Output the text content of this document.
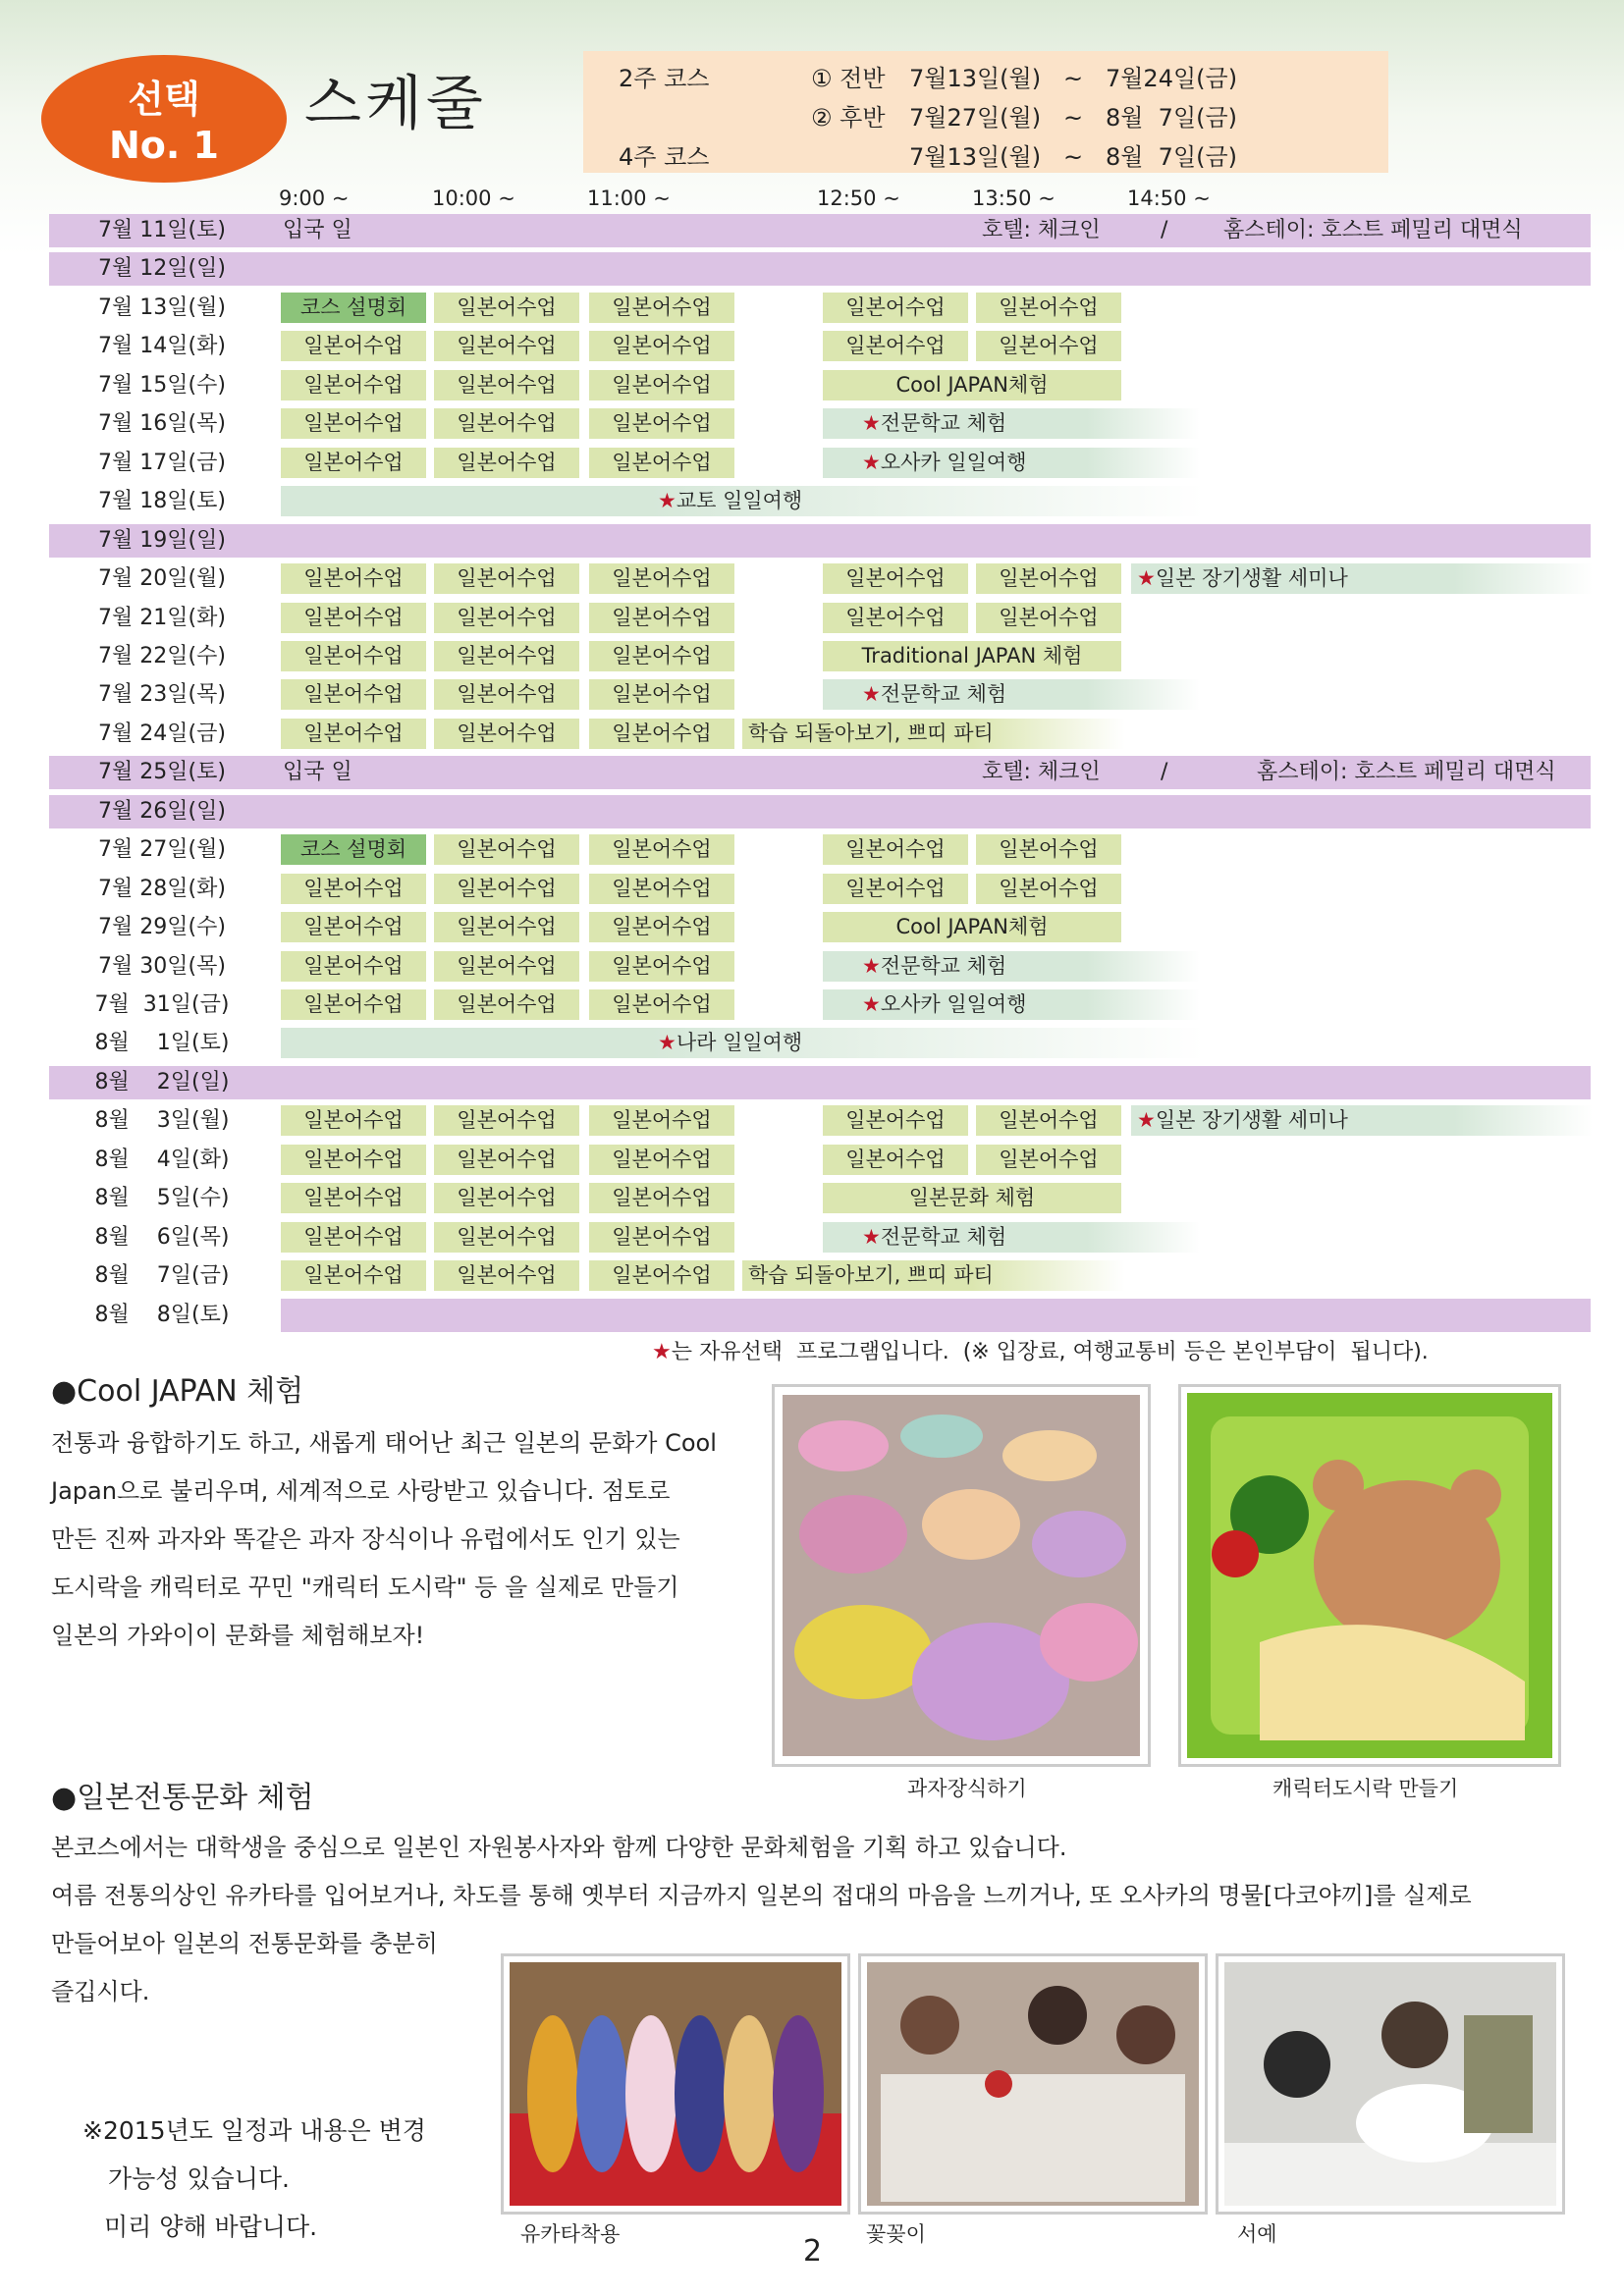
선택
No. 1
스케줄	2주 코스	① 전반 7월13일(월)   ~   7월24일(금)
② 후반 7월27일(월)   ~   8월  7일(금)
4주 코스	7월13일(월)   ~   8월  7일(금)
9:00 ~	10:00 ~	11:00 ~	12:50 ~	13:50 ~	14:50 ~
7월 11일(토)	입국 일	호텔: 체크인	/	홈스테이: 호스트 페밀리 대면식
7월 12일(일)
7월 13일(월)	코스 설명회	일본어수업	일본어수업	일본어수업	일본어수업
7월 14일(화)	일본어수업	일본어수업	일본어수업	일본어수업	일본어수업
7월 15일(수)	일본어수업	일본어수업	일본어수업	Cool JAPAN체험
7월 16일(목)	일본어수업	일본어수업	일본어수업	★전문학교 체험
7월 17일(금)	일본어수업	일본어수업	일본어수업	★오사카 일일여행
7월 18일(토)	★교토 일일여행
7월 19일(일)
7월 20일(월)	일본어수업	일본어수업	일본어수업	일본어수업	일본어수업	★일본 장기생활 세미나
7월 21일(화)	일본어수업	일본어수업	일본어수업	일본어수업	일본어수업
7월 22일(수)	일본어수업	일본어수업	일본어수업	Traditional JAPAN 체험
7월 23일(목)	일본어수업	일본어수업	일본어수업	★전문학교 체험
7월 24일(금)	일본어수업	일본어수업	일본어수업	학습 되돌아보기, 쁘띠 파티
7월 25일(토)	입국 일	호텔: 체크인	/	홈스테이: 호스트 페밀리 대면식
7월 26일(일)
7월 27일(월)	코스 설명회	일본어수업	일본어수업	일본어수업	일본어수업
7월 28일(화)	일본어수업	일본어수업	일본어수업	일본어수업	일본어수업
7월 29일(수)	일본어수업	일본어수업	일본어수업	Cool JAPAN체험
7월 30일(목)	일본어수업	일본어수업	일본어수업	★전문학교 체험
7월  31일(금)	일본어수업	일본어수업	일본어수업	★오사카 일일여행
8월    1일(토)	★나라 일일여행
8월    2일(일)
8월    3일(월)	일본어수업	일본어수업	일본어수업	일본어수업	일본어수업	★일본 장기생활 세미나
8월    4일(화)	일본어수업	일본어수업	일본어수업	일본어수업	일본어수업
8월    5일(수)	일본어수업	일본어수업	일본어수업	일본문화 체험
8월    6일(목)	일본어수업	일본어수업	일본어수업	★전문학교 체험
8월    7일(금)	일본어수업	일본어수업	일본어수업	학습 되돌아보기, 쁘띠 파티
8월    8일(토)
★는 자유선택  프로그램입니다.  (※ 입장료, 여행교통비 등은 본인부담이  됩니다).
●Cool JAPAN 체험
전통과 융합하기도 하고, 새롭게 태어난 최근 일본의 문화가 Cool
Japan으로 불리우며, 세계적으로 사랑받고 있습니다. 점토로
만든 진짜 과자와 똑같은 과자 장식이나 유럽에서도 인기 있는
도시락을 캐릭터로 꾸민 "캐릭터 도시락" 등 을 실제로 만들기
일본의 가와이이 문화를 체험해보자!
과자장식하기	캐릭터도시락 만들기
●일본전통문화 체험
본코스에서는 대학생을 중심으로 일본인 자원봉사자와 함께 다양한 문화체험을 기획 하고 있습니다.
여름 전통의상인 유카타를 입어보거나, 차도를 통해 옛부터 지금까지 일본의 접대의 마음을 느끼거나, 또 오사카의 명물[다코야끼]를 실제로
만들어보아 일본의 전통문화를 충분히
즐깁시다.
유카타착용	꽃꽂이	서예
※2015년도 일정과 내용은 변경
가능성 있습니다.
미리 양해 바랍니다.
2
